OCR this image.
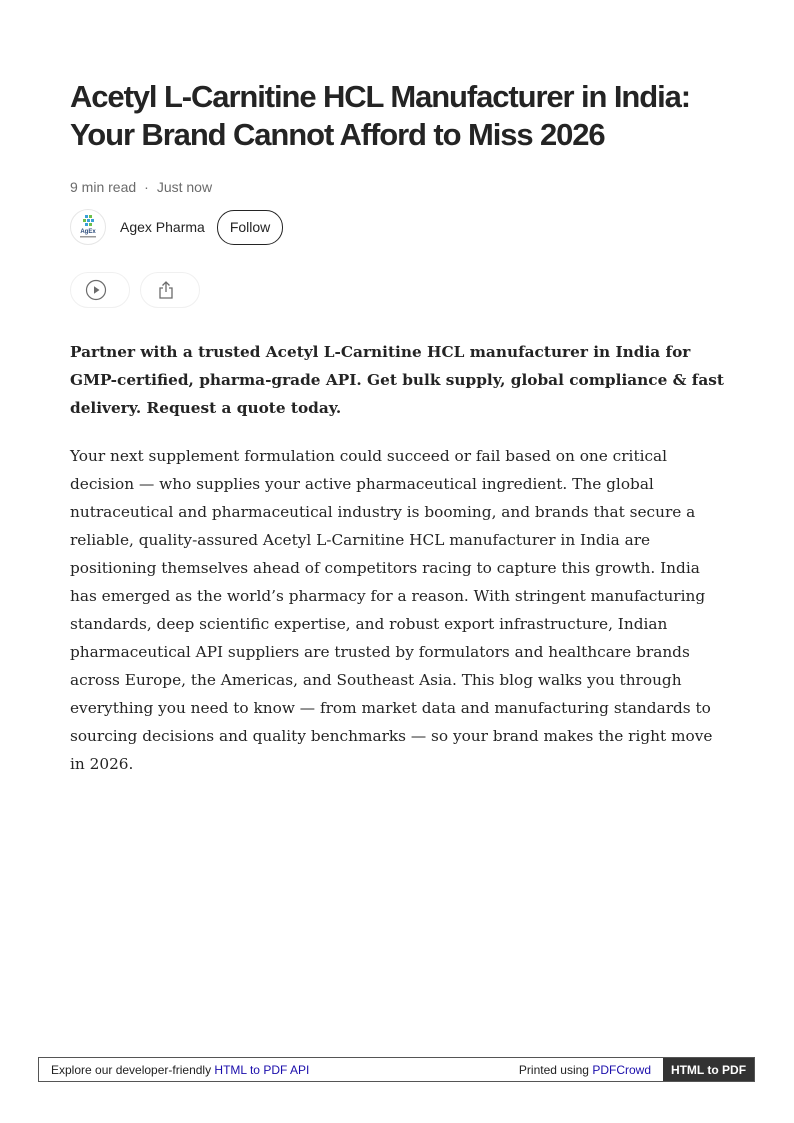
Acetyl L-Carnitine HCL Manufacturer in India:
Your Brand Cannot Afford to Miss 2026
9 min read · Just now
AgEx Agex Pharma	Follow

Partner with a trusted Acetyl L-Carnitine HCL manufacturer in India for GMP-certified, pharma-grade API. Get bulk supply, global compliance & fast delivery. Request a quote today.

Your next supplement formulation could succeed or fail based on one critical decision — who supplies your active pharmaceutical ingredient. The global nutraceutical and pharmaceutical industry is booming, and brands that secure a reliable, quality-assured Acetyl L-Carnitine HCL manufacturer in India are positioning themselves ahead of competitors racing to capture this growth. India has emerged as the world’s pharmacy for a reason. With stringent manufacturing standards, deep scientific expertise, and robust export infrastructure, Indian pharmaceutical API suppliers are trusted by formulators and healthcare brands across Europe, the Americas, and Southeast Asia. This blog walks you through everything you need to know — from market data and manufacturing standards to sourcing decisions and quality benchmarks — so your brand makes the right move in 2026.

Explore our developer-friendly HTML to PDF API	Printed using PDFCrowd	HTML to PDF
